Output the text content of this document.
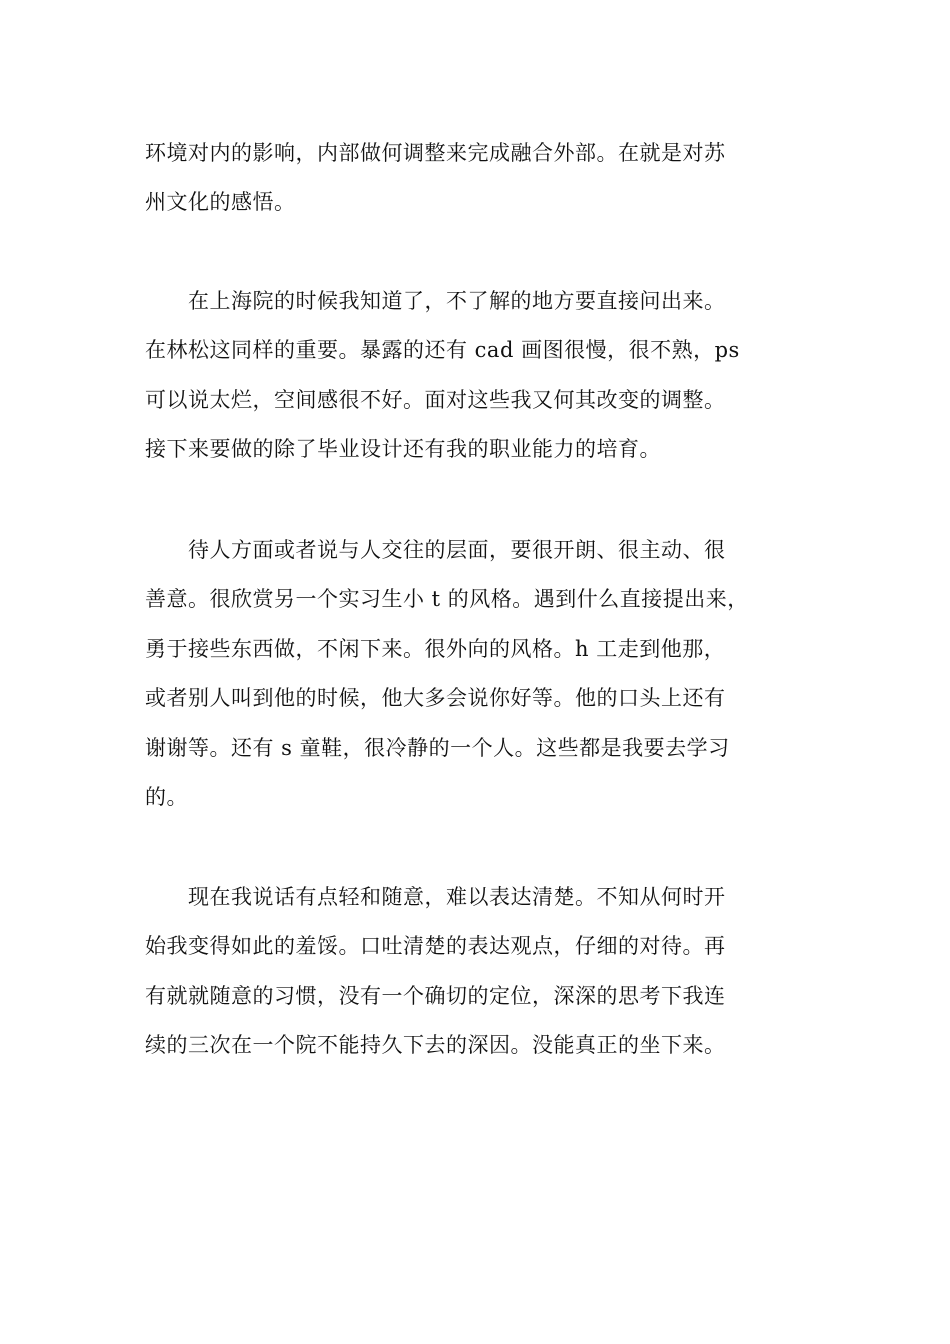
环境对内的影响，内部做何调整来完成融合外部。在就是对苏
州文化的感悟。
　　在上海院的时候我知道了，不了解的地方要直接问出来。
在林松这同样的重要。暴露的还有 cad 画图很慢，很不熟，ps
可以说太烂，空间感很不好。面对这些我又何其改变的调整。
接下来要做的除了毕业设计还有我的职业能力的培育。
　　待人方面或者说与人交往的层面，要很开朗、很主动、很
善意。很欣赏另一个实习生小 t 的风格。遇到什么直接提出来，
勇于接些东西做，不闲下来。很外向的风格。h 工走到他那，
或者别人叫到他的时候，他大多会说你好等。他的口头上还有
谢谢等。还有 s 童鞋，很冷静的一个人。这些都是我要去学习
的。
　　现在我说话有点轻和随意，难以表达清楚。不知从何时开
始我变得如此的羞馁。口吐清楚的表达观点，仔细的对待。再
有就就随意的习惯，没有一个确切的定位，深深的思考下我连
续的三次在一个院不能持久下去的深因。没能真正的坐下来。
